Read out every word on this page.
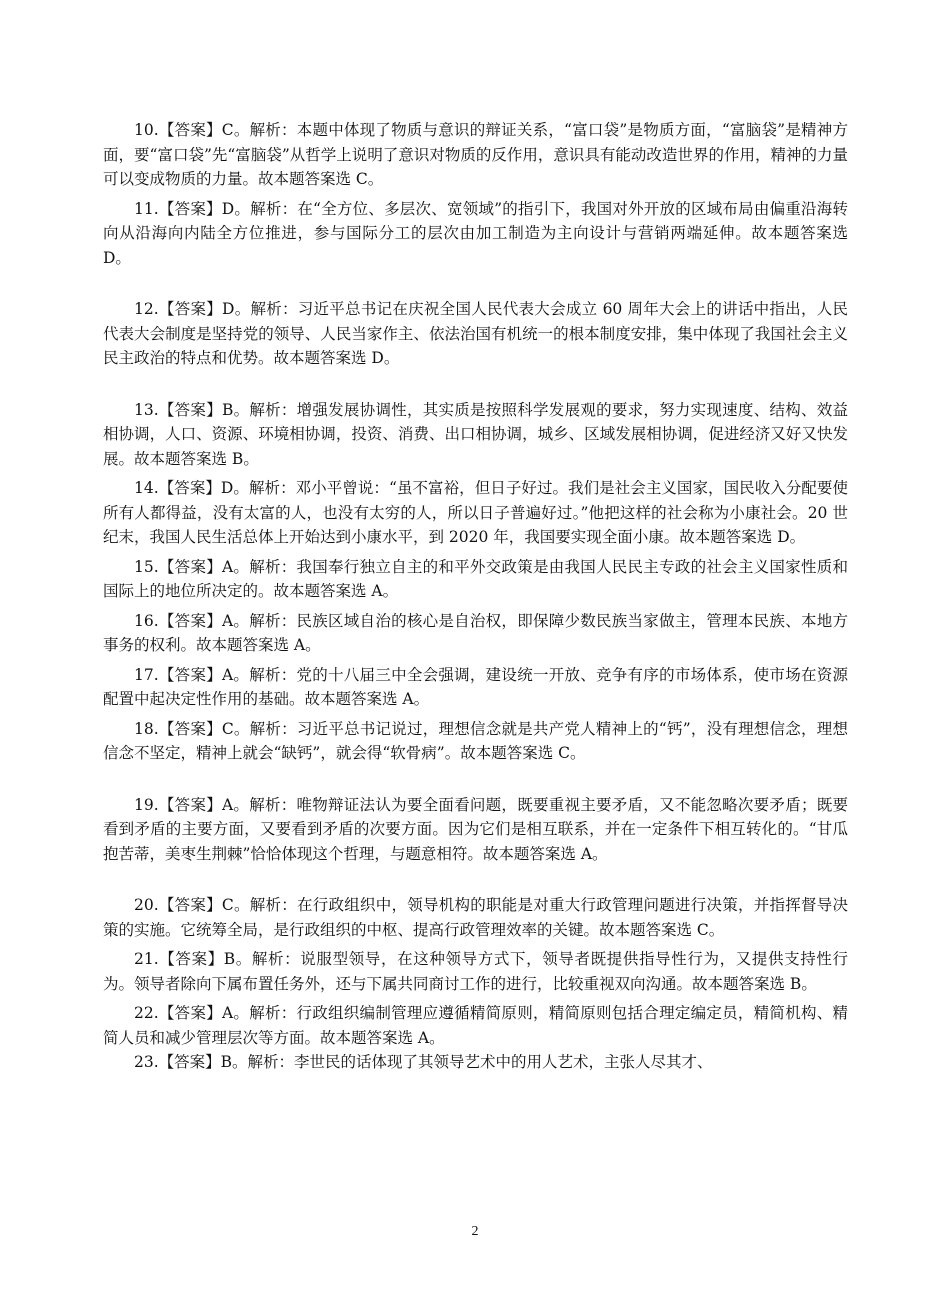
10.【答案】C。解析：本题中体现了物质与意识的辩证关系，“富口袋”是物质方面，“富脑袋”是精神方面，要“富口袋”先“富脑袋”从哲学上说明了意识对物质的反作用，意识具有能动改造世界的作用，精神的力量可以变成物质的力量。故本题答案选 C。

11.【答案】D。解析：在“全方位、多层次、宽领域”的指引下，我国对外开放的区域布局由偏重沿海转向从沿海向内陆全方位推进，参与国际分工的层次由加工制造为主向设计与营销两端延伸。故本题答案选 D。

12.【答案】D。解析：习近平总书记在庆祝全国人民代表大会成立 60 周年大会上的讲话中指出，人民代表大会制度是坚持党的领导、人民当家作主、依法治国有机统一的根本制度安排，集中体现了我国社会主义民主政治的特点和优势。故本题答案选 D。

13.【答案】B。解析：增强发展协调性，其实质是按照科学发展观的要求，努力实现速度、结构、效益相协调，人口、资源、环境相协调，投资、消费、出口相协调，城乡、区域发展相协调，促进经济又好又快发展。故本题答案选 B。

14.【答案】D。解析：邓小平曾说：“虽不富裕，但日子好过。我们是社会主义国家，国民收入分配要使所有人都得益，没有太富的人，也没有太穷的人，所以日子普遍好过。”他把这样的社会称为小康社会。20 世纪末，我国人民生活总体上开始达到小康水平，到 2020 年，我国要实现全面小康。故本题答案选 D。

15.【答案】A。解析：我国奉行独立自主的和平外交政策是由我国人民民主专政的社会主义国家性质和国际上的地位所决定的。故本题答案选 A。

16.【答案】A。解析：民族区域自治的核心是自治权，即保障少数民族当家做主，管理本民族、本地方事务的权利。故本题答案选 A。

17.【答案】A。解析：党的十八届三中全会强调，建设统一开放、竞争有序的市场体系，使市场在资源配置中起决定性作用的基础。故本题答案选 A。

18.【答案】C。解析：习近平总书记说过，理想信念就是共产党人精神上的“钙”，没有理想信念，理想信念不坚定，精神上就会“缺钙”，就会得“软骨病”。故本题答案选 C。

19.【答案】A。解析：唯物辩证法认为要全面看问题，既要重视主要矛盾，又不能忽略次要矛盾；既要看到矛盾的主要方面，又要看到矛盾的次要方面。因为它们是相互联系，并在一定条件下相互转化的。“甘瓜抱苦蒂，美枣生荆棘”恰恰体现这个哲理，与题意相符。故本题答案选 A。

20.【答案】C。解析：在行政组织中，领导机构的职能是对重大行政管理问题进行决策，并指挥督导决策的实施。它统筹全局，是行政组织的中枢、提高行政管理效率的关键。故本题答案选 C。

21.【答案】B。解析：说服型领导，在这种领导方式下，领导者既提供指导性行为，又提供支持性行为。领导者除向下属布置任务外，还与下属共同商讨工作的进行，比较重视双向沟通。故本题答案选 B。

22.【答案】A。解析：行政组织编制管理应遵循精简原则，精简原则包括合理定编定员，精简机构、精简人员和减少管理层次等方面。故本题答案选 A。

23.【答案】B。解析：李世民的话体现了其领导艺术中的用人艺术，主张人尽其才、

2
